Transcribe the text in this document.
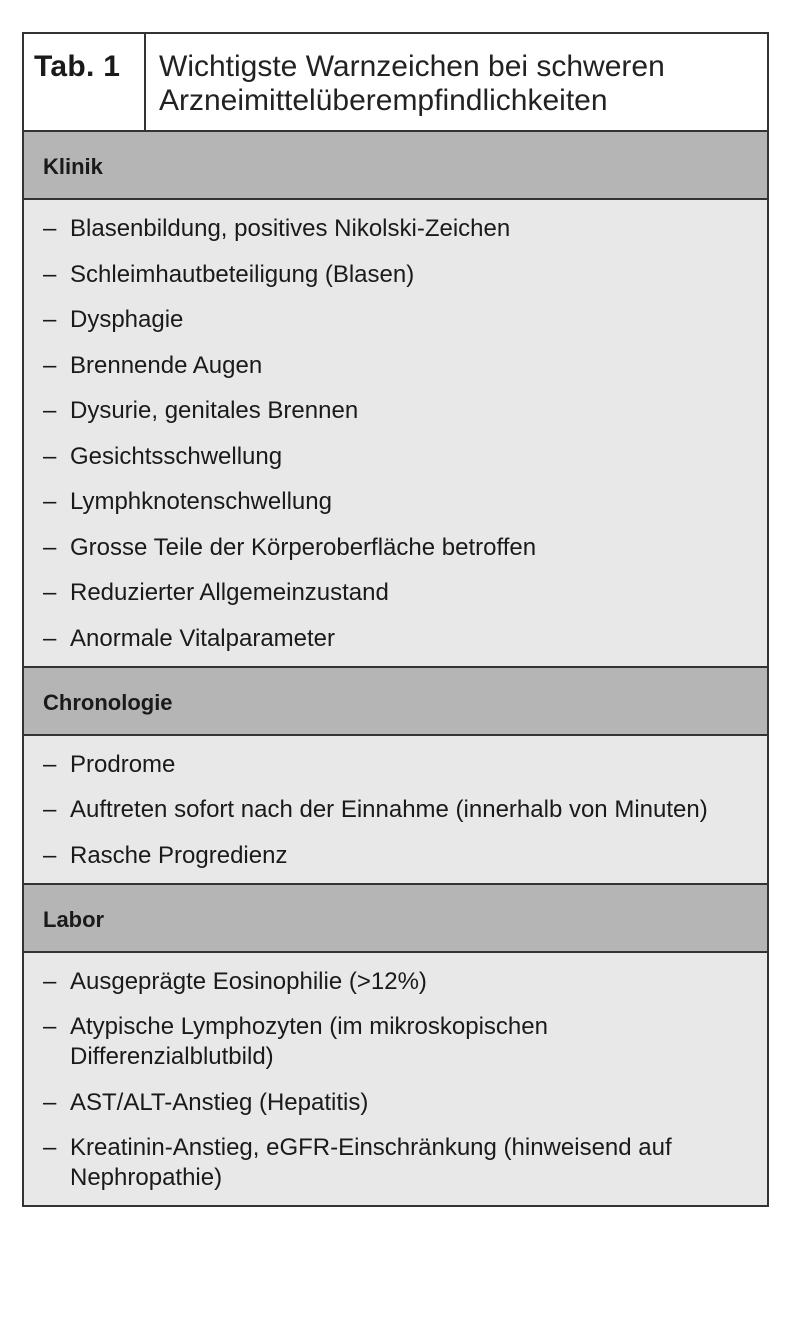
Tab. 1	Wichtigste Warnzeichen bei schweren Arzneimittelüberempfindlichkeiten
Klinik
– Blasenbildung, positives Nikolski-Zeichen
– Schleimhautbeteiligung (Blasen)
– Dysphagie
– Brennende Augen
– Dysurie, genitales Brennen
– Gesichtsschwellung
– Lymphknotenschwellung
– Grosse Teile der Körperoberfläche betroffen
– Reduzierter Allgemeinzustand
– Anormale Vitalparameter
Chronologie
– Prodrome
– Auftreten sofort nach der Einnahme (innerhalb von Minuten)
– Rasche Progredienz
Labor
– Ausgeprägte Eosinophilie (>12%)
– Atypische Lymphozyten (im mikroskopischen Differenzialblutbild)
– AST/ALT-Anstieg (Hepatitis)
– Kreatinin-Anstieg, eGFR-Einschränkung (hinweisend auf Nephropathie)
